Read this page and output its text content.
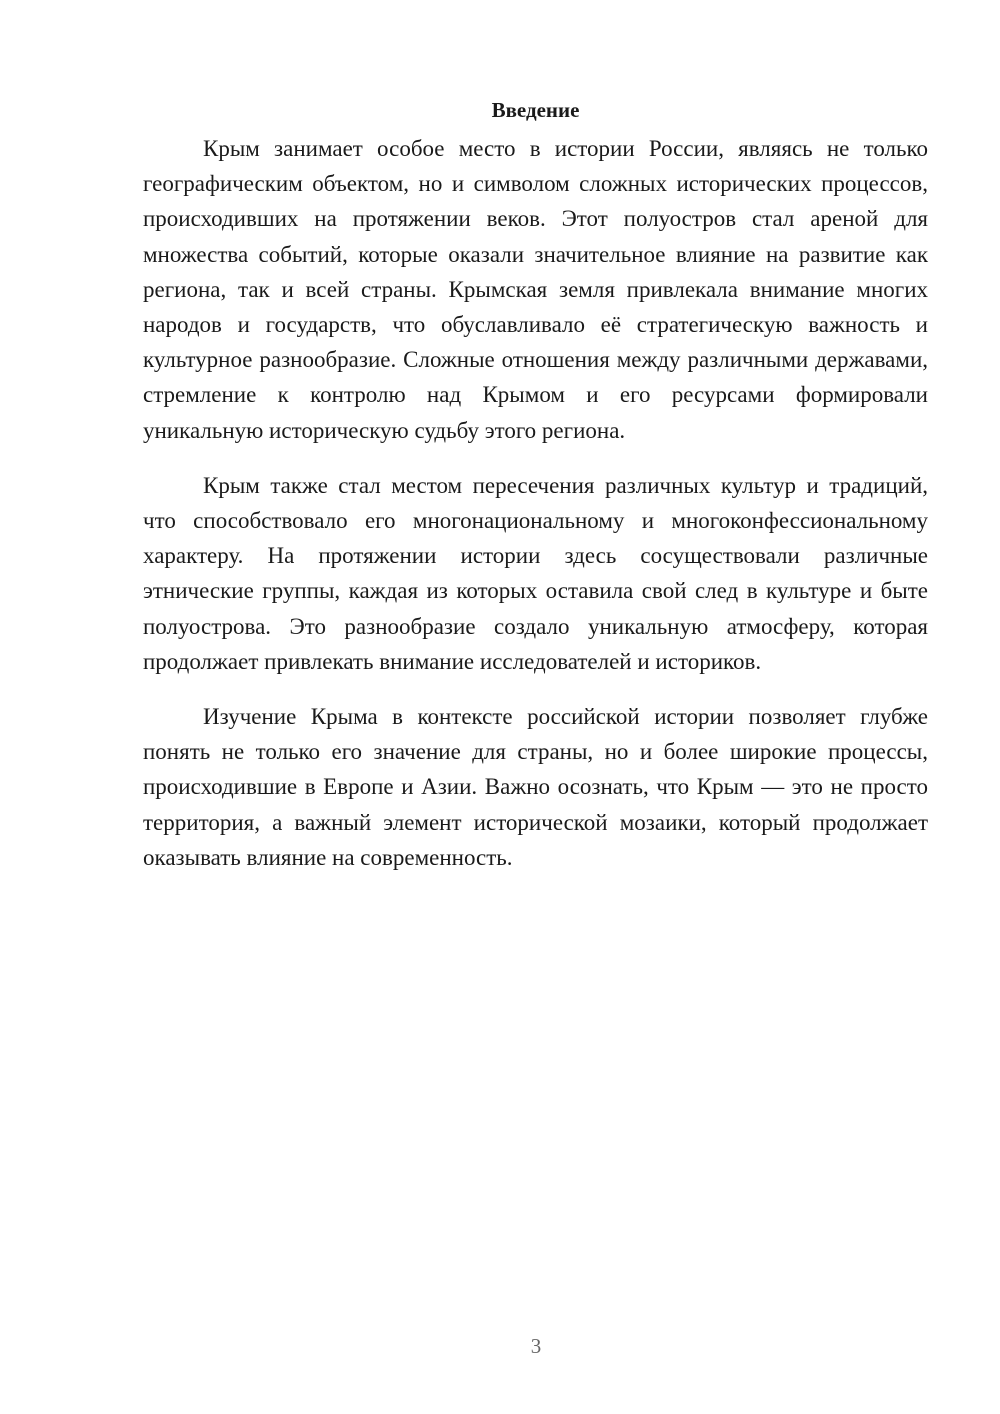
Введение

Крым занимает особое место в истории России, являясь не только географическим объектом, но и символом сложных исторических процессов, происходивших на протяжении веков. Этот полуостров стал ареной для множества событий, которые оказали значительное влияние на развитие как региона, так и всей страны. Крымская земля привлекала внимание многих народов и государств, что обуславливало её стратегическую важность и культурное разнообразие. Сложные отношения между различными державами, стремление к контролю над Крымом и его ресурсами формировали уникальную историческую судьбу этого региона.

Крым также стал местом пересечения различных культур и традиций, что способствовало его многонациональному и многоконфессиональному характеру. На протяжении истории здесь сосуществовали различные этнические группы, каждая из которых оставила свой след в культуре и быте полуострова. Это разнообразие создало уникальную атмосферу, которая продолжает привлекать внимание исследователей и историков.

Изучение Крыма в контексте российской истории позволяет глубже понять не только его значение для страны, но и более широкие процессы, происходившие в Европе и Азии. Важно осознать, что Крым — это не просто территория, а важный элемент исторической мозаики, который продолжает оказывать влияние на современность.

3
